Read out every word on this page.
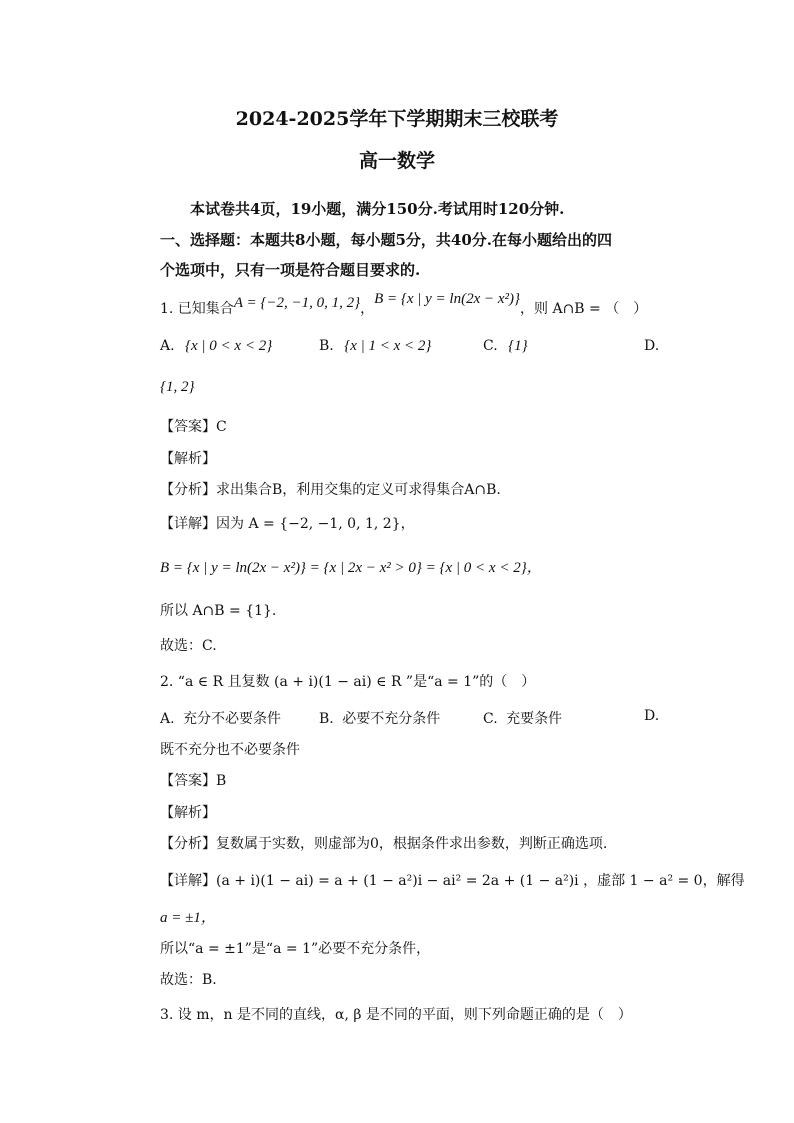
2024-2025学年下学期期末三校联考
高一数学
本试卷共4页，19小题，满分150分.考试用时120分钟.
一、选择题：本题共8小题，每小题5分，共40分.在每小题给出的四
个选项中，只有一项是符合题目要求的.
1. 已知集合A = {−2, −1, 0, 1, 2}，B = {x | y = ln(2x − x²)}，则 A∩B = （　）
A. {x | 0 < x < 2}	B. {x | 1 < x < 2}	C. {1}	D.
{1, 2}
【答案】C
【解析】
【分析】求出集合B，利用交集的定义可求得集合A∩B.
【详解】因为 A = {−2, −1, 0, 1, 2}，
B = {x | y = ln(2x − x²)} = {x | 2x − x² > 0} = {x | 0 < x < 2}，
所以 A∩B = {1}.
故选：C.
2. “a ∈ R 且复数 (a + i)(1 − ai) ∈ R ”是“a = 1”的（　）
A. 充分不必要条件	B. 必要不充分条件	C. 充要条件	D.
既不充分也不必要条件
【答案】B
【解析】
【分析】复数属于实数，则虚部为0，根据条件求出参数，判断正确选项.
【详解】(a + i)(1 − ai) = a + (1 − a²)i − ai² = 2a + (1 − a²)i ，虚部 1 − a² = 0，解得
a = ±1，
所以“a = ±1”是“a = 1”必要不充分条件，
故选：B.
3. 设 m，n 是不同的直线，α, β 是不同的平面，则下列命题正确的是（　）
